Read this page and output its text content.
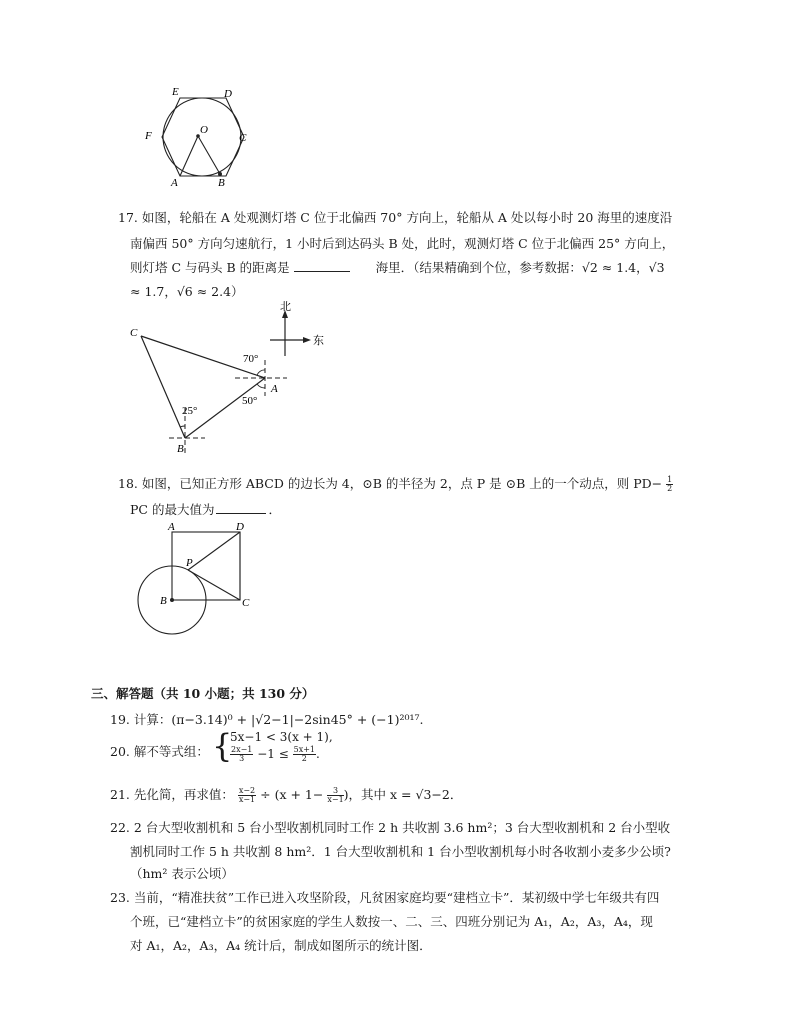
E	D
F	O
C
A	B
17. 如图，轮船在 A 处观测灯塔 C 位于北偏西 70° 方向上，轮船从 A 处以每小时 20 海里的速度沿
南偏西 50° 方向匀速航行，1 小时后到达码头 B 处，此时，观测灯塔 C 位于北偏西 25° 方向上，
则灯塔 C 与码头 B 的距离是	海里．（结果精确到个位，参考数据：√2 ≈ 1.4，√3
≈ 1.7，√6 ≈ 2.4）
北
东
70°
50°
25°
C
A
B
18. 如图，已知正方形 ABCD 的边长为 4，⊙B 的半径为 2，点 P 是 ⊙B 上的一个动点，则 $PD- \frac{1}{2}$
PC 的最大值为	．
A	D
P
B	C
三、解答题（共 10 小题；共 130 分）
19. 计算：(π−3.14)⁰ + |√2−1|−2sin45° + (−1)²⁰¹⁷.
20. 解不等式组： {
5x−1 < 3(x + 1),
$\frac{2x-1}{3} -1 \le \frac{5x+1}{2}$ .
21. 先化简，再求值： $\frac{x-2}{x-1} \div (x + 1- \frac{3}{x-1}$ )，其中 x = √3−2．
22. 2 台大型收割机和 5 台小型收割机同时工作 2 h 共收割 3.6 hm²；3 台大型收割机和 2 台小型收
割机同时工作 5 h 共收割 8 hm²．1 台大型收割机和 1 台小型收割机每小时各收割小麦多少公顷?
（hm² 表示公顷）
23. 当前，“精准扶贫”工作已进入攻坚阶段，凡贫困家庭均要“建档立卡”．某初级中学七年级共有四
个班，已“建档立卡”的贫困家庭的学生人数按一、二、三、四班分别记为 A₁，A₂，A₃，A₄，现
对 A₁，A₂，A₃，A₄ 统计后，制成如图所示的统计图．
